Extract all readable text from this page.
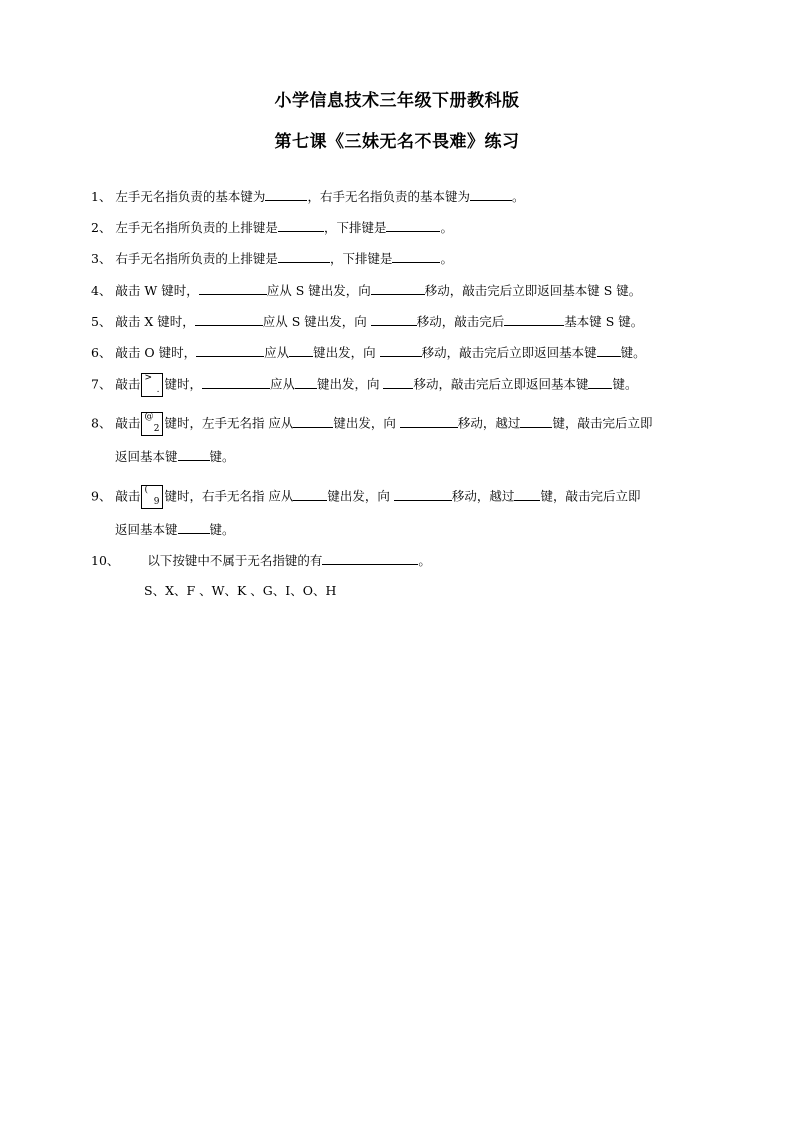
小学信息技术三年级下册教科版
第七课《三妹无名不畏难》练习
1、 左手无名指负责的基本键为	，右手无名指负责的基本键为	。
2、 左手无名指所负责的上排键是	，下排键是	。
3、 右手无名指所负责的上排键是	，下排键是	。
4、 敲击 W 键时，	应从 S 键出发，向	移动，敲击完后立即返回基本键 S 键。
5、 敲击 X 键时，	应从 S 键出发，向	移动，敲击完后	基本键 S 键。
6、 敲击 O 键时，	应从 键出发，向	移动，敲击完后立即返回基本键 键。
7、 敲击 >
. 键时，	应从 键出发，向	移动，敲击完后立即返回基本键 键。
8、 敲击 @
2 键时，左手无名指 应从	键出发，向	移动，越过	键，敲击完后立即
返回基本键	键。
9、 敲击 (
9 键时，右手无名指 应从	键出发，向	移动，越过 键，敲击完后立即
返回基本键	键。
10、 以下按键中不属于无名指键的有	。
S、X、F 、W、K 、G、I、O、H
